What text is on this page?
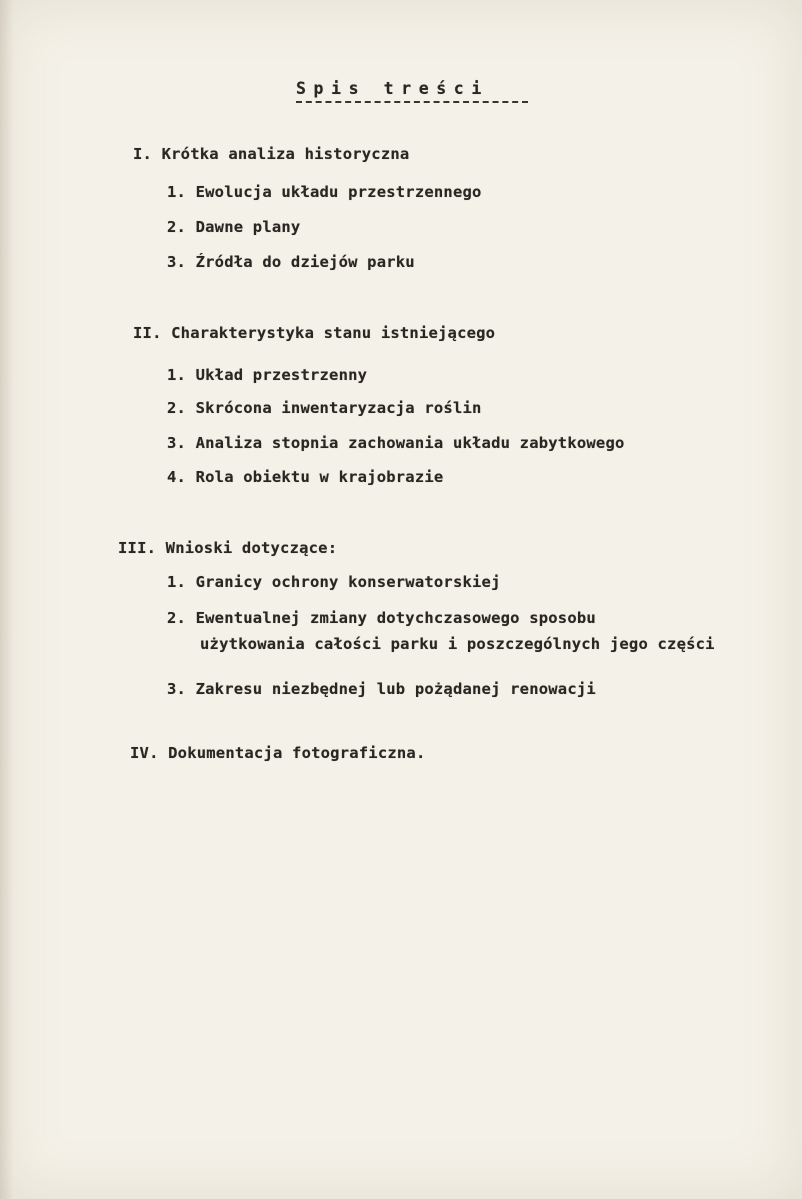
Spis treści
I. Krótka analiza historyczna
1. Ewolucja układu przestrzennego
2. Dawne plany
3. Źródła do dziejów parku
II. Charakterystyka stanu istniejącego
1. Układ przestrzenny
2. Skrócona inwentaryzacja roślin
3. Analiza stopnia zachowania układu zabytkowego
4. Rola obiektu w krajobrazie
III. Wnioski dotyczące:
1. Granicy ochrony konserwatorskiej
2. Ewentualnej zmiany dotychczasowego sposobu
użytkowania całości parku i poszczególnych jego części
3. Zakresu niezbędnej lub pożądanej renowacji
IV. Dokumentacja fotograficzna.
